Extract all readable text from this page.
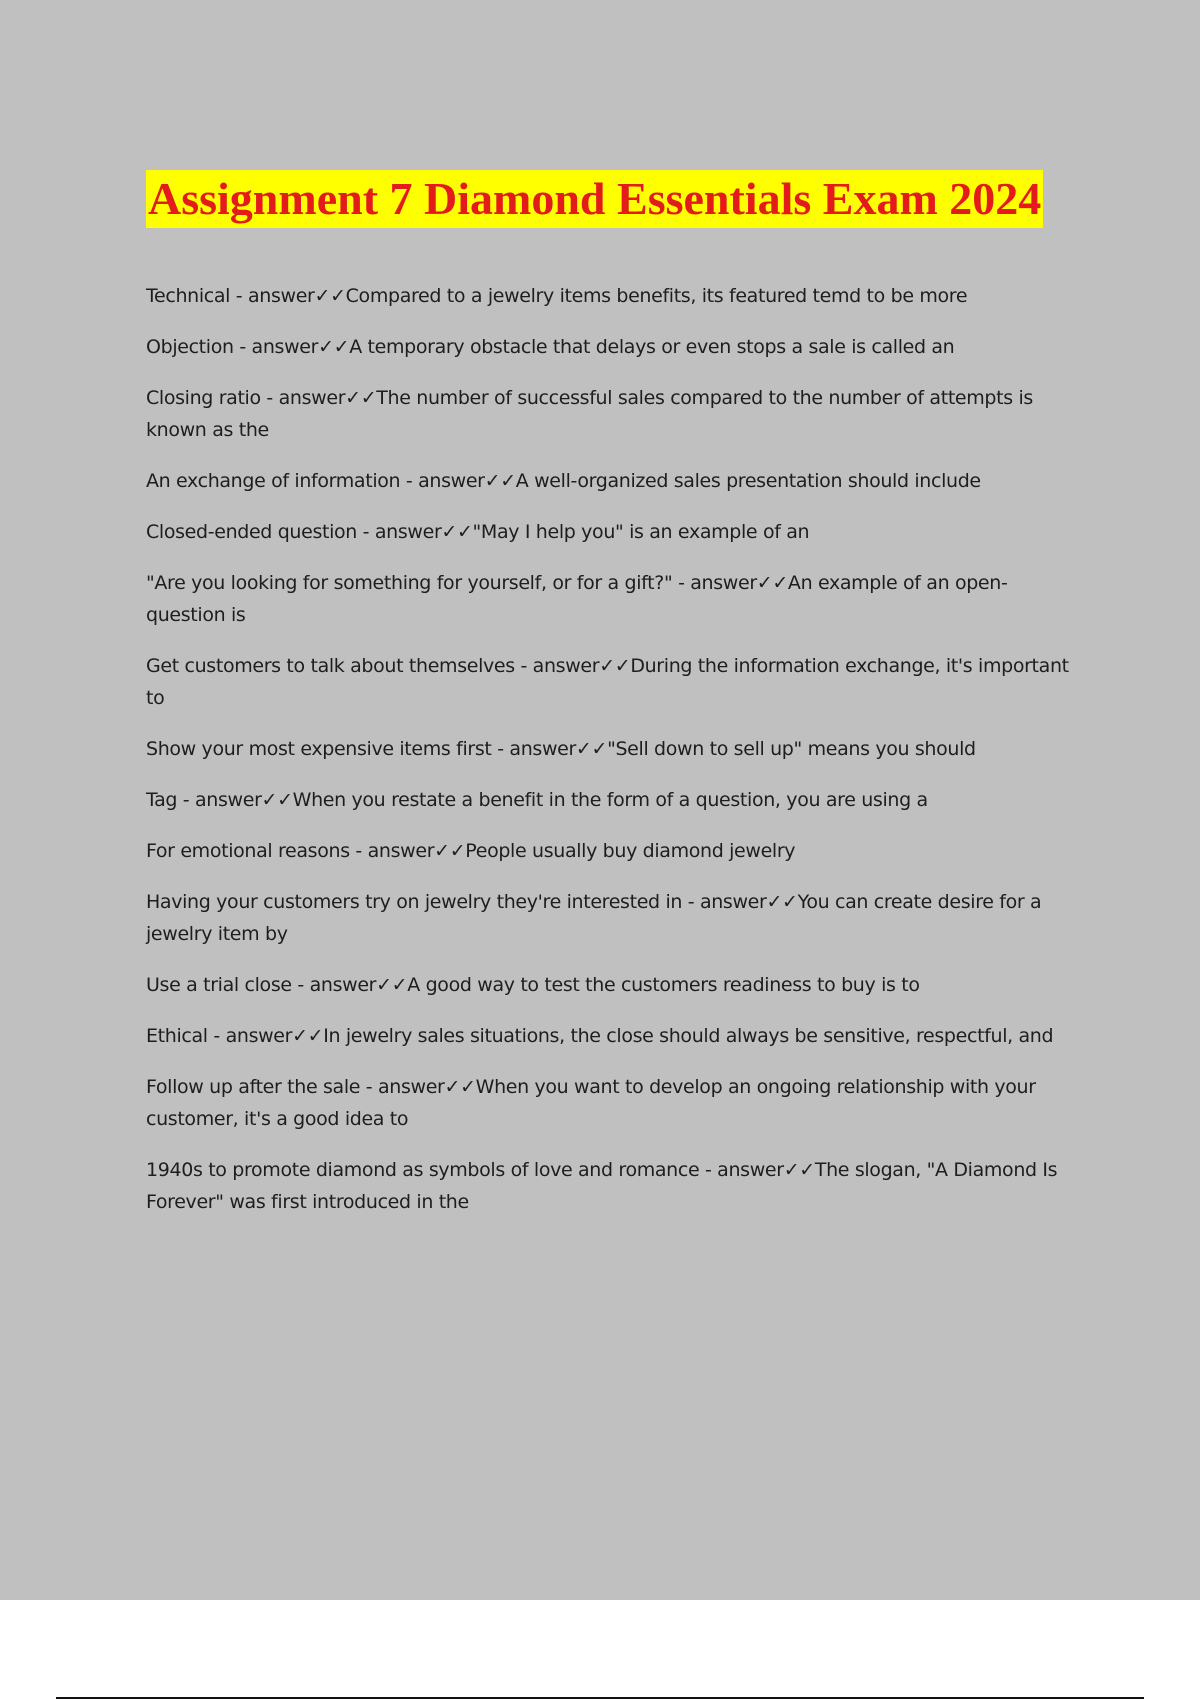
Assignment 7 Diamond Essentials Exam 2024
Technical - answer✓✓Compared to a jewelry items benefits, its featured temd to be more
Objection - answer✓✓A temporary obstacle that delays or even stops a sale is called an
Closing ratio - answer✓✓The number of successful sales compared to the number of attempts is known as the
An exchange of information - answer✓✓A well-organized sales presentation should include
Closed-ended question - answer✓✓"May I help you" is an example of an
"Are you looking for something for yourself, or for a gift?" - answer✓✓An example of an open-question is
Get customers to talk about themselves - answer✓✓During the information exchange, it's important to
Show your most expensive items first - answer✓✓"Sell down to sell up" means you should
Tag - answer✓✓When you restate a benefit in the form of a question, you are using a
For emotional reasons - answer✓✓People usually buy diamond jewelry
Having your customers try on jewelry they're interested in - answer✓✓You can create desire for a jewelry item by
Use a trial close - answer✓✓A good way to test the customers readiness to buy is to
Ethical - answer✓✓In jewelry sales situations, the close should always be sensitive, respectful, and
Follow up after the sale - answer✓✓When you want to develop an ongoing relationship with your customer, it's a good idea to
1940s to promote diamond as symbols of love and romance - answer✓✓The slogan, "A Diamond Is Forever" was first introduced in the
